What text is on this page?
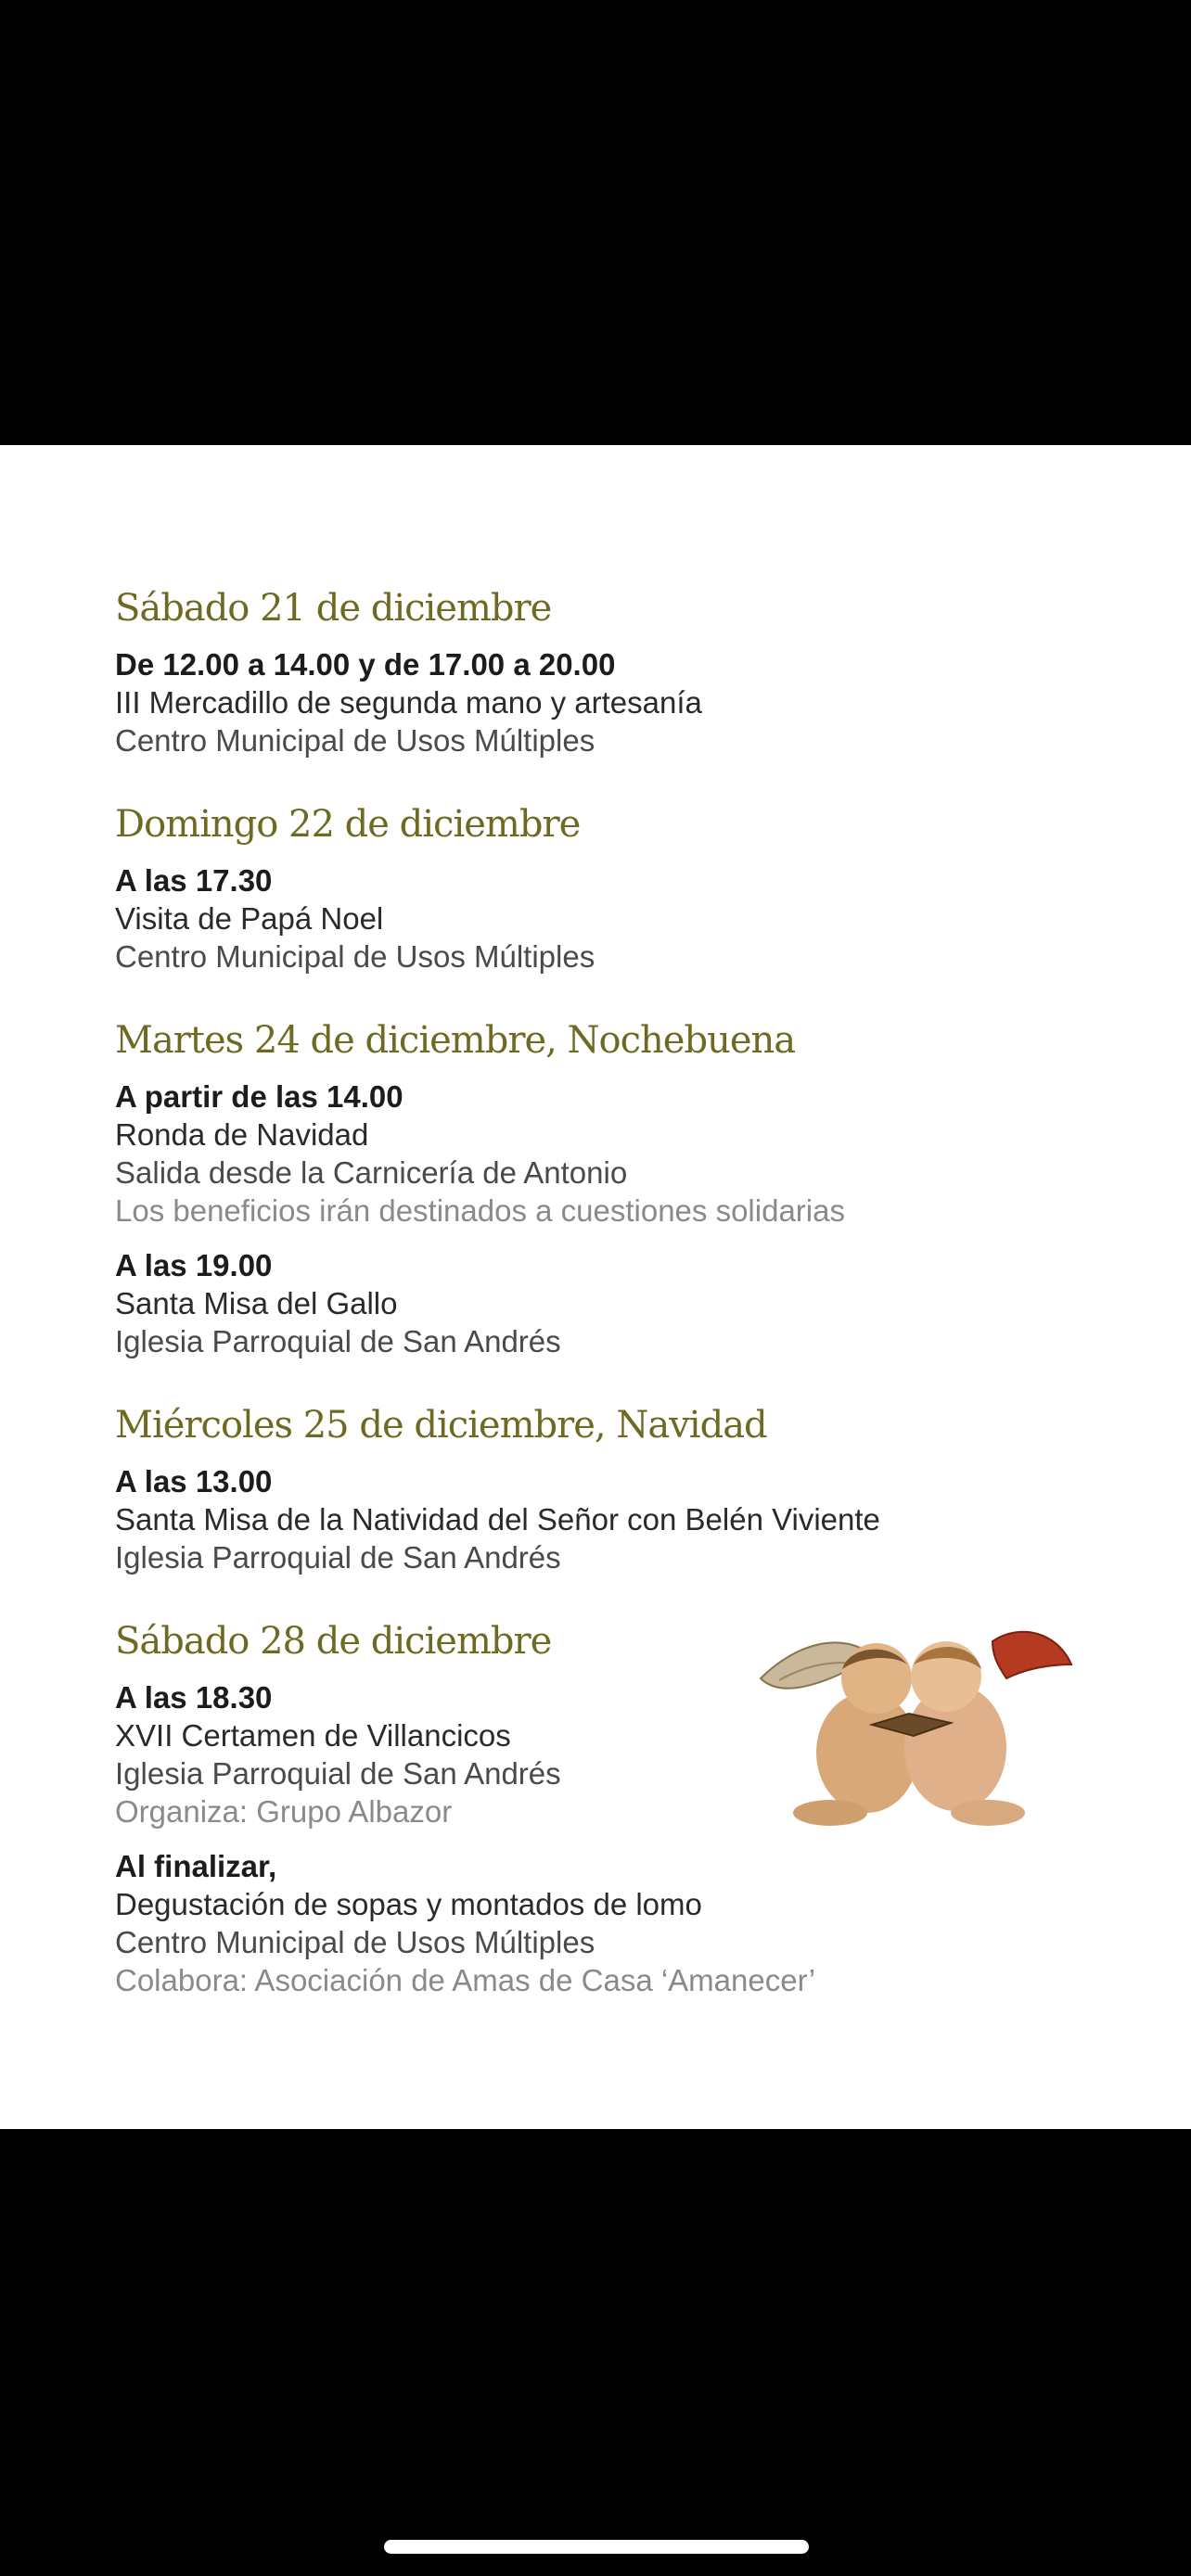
Sábado 21 de diciembre
De 12.00 a 14.00 y de 17.00 a 20.00
III Mercadillo de segunda mano y artesanía
Centro Municipal de Usos Múltiples
Domingo 22 de diciembre
A las 17.30
Visita de Papá Noel
Centro Municipal de Usos Múltiples
Martes 24 de diciembre, Nochebuena
A partir de las 14.00
Ronda de Navidad
Salida desde la Carnicería de Antonio
Los beneficios irán destinados a cuestiones solidarias
A las 19.00
Santa Misa del Gallo
Iglesia Parroquial de San Andrés
Miércoles 25 de diciembre, Navidad
A las 13.00
Santa Misa de la Natividad del Señor con Belén Viviente
Iglesia Parroquial de San Andrés
Sábado 28 de diciembre
A las 18.30
XVII Certamen de Villancicos
Iglesia Parroquial de San Andrés
Organiza: Grupo Albazor
Al finalizar,
Degustación de sopas y montados de lomo
Centro Municipal de Usos Múltiples
Colabora: Asociación de Amas de Casa ‘Amanecer’
